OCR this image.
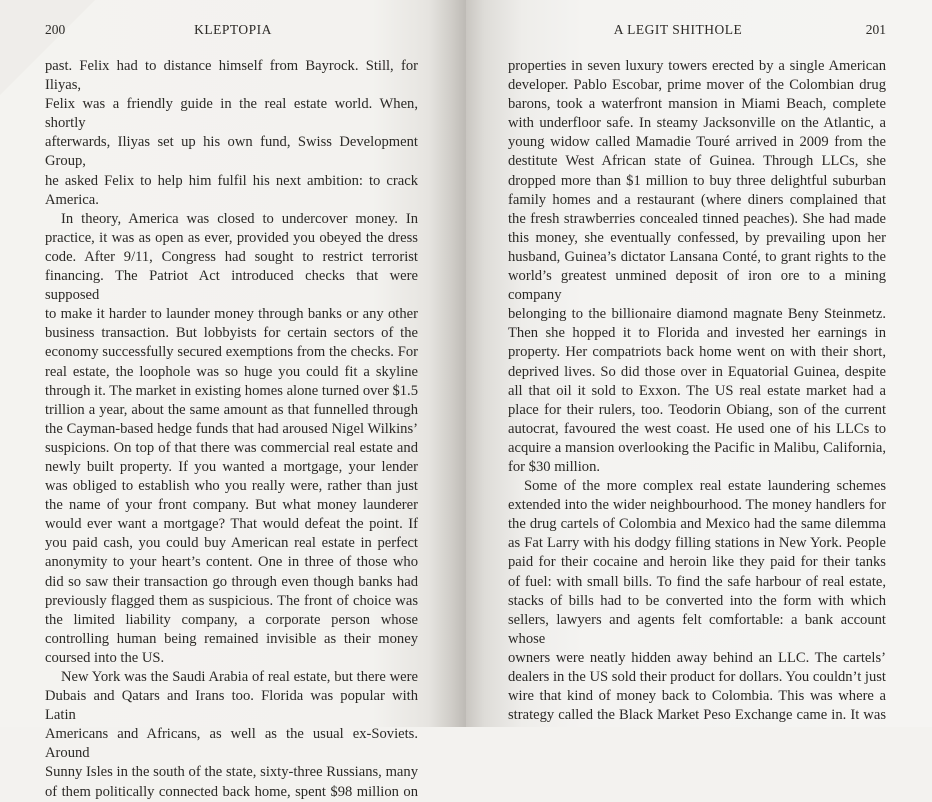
200	KLEPTOPIA

past. Felix had to distance himself from Bayrock. Still, for Iliyas,

Felix was a friendly guide in the real estate world. When, shortly

afterwards, Iliyas set up his own fund, Swiss Development Group,

he asked Felix to help him fulfil his next ambition: to crack

America.

In theory, America was closed to undercover money. In

practice, it was as open as ever, provided you obeyed the dress

code. After 9/11, Congress had sought to restrict terrorist

financing. The Patriot Act introduced checks that were supposed

to make it harder to launder money through banks or any other

business transaction. But lobbyists for certain sectors of the

economy successfully secured exemptions from the checks. For

real estate, the loophole was so huge you could fit a skyline

through it. The market in existing homes alone turned over $1.5

trillion a year, about the same amount as that funnelled through

the Cayman-based hedge funds that had aroused Nigel Wilkins’

suspicions. On top of that there was commercial real estate and

newly built property. If you wanted a mortgage, your lender

was obliged to establish who you really were, rather than just

the name of your front company. But what money launderer

would ever want a mortgage? That would defeat the point. If

you paid cash, you could buy American real estate in perfect

anonymity to your heart’s content. One in three of those who

did so saw their transaction go through even though banks had

previously flagged them as suspicious. The front of choice was

the limited liability company, a corporate person whose

controlling human being remained invisible as their money

coursed into the US.

New York was the Saudi Arabia of real estate, but there were

Dubais and Qatars and Irans too. Florida was popular with Latin

Americans and Africans, as well as the usual ex-Soviets. Around

Sunny Isles in the south of the state, sixty-three Russians, many

of them politically connected back home, spent $98 million on

A LEGIT SHITHOLE	201

properties in seven luxury towers erected by a single American

developer. Pablo Escobar, prime mover of the Colombian drug

barons, took a waterfront mansion in Miami Beach, complete

with underfloor safe. In steamy Jacksonville on the Atlantic, a

young widow called Mamadie Touré arrived in 2009 from the

destitute West African state of Guinea. Through LLCs, she

dropped more than $1 million to buy three delightful suburban

family homes and a restaurant (where diners complained that

the fresh strawberries concealed tinned peaches). She had made

this money, she eventually confessed, by prevailing upon her

husband, Guinea’s dictator Lansana Conté, to grant rights to the

world’s greatest unmined deposit of iron ore to a mining company

belonging to the billionaire diamond magnate Beny Steinmetz.

Then she hopped it to Florida and invested her earnings in

property. Her compatriots back home went on with their short,

deprived lives. So did those over in Equatorial Guinea, despite

all that oil it sold to Exxon. The US real estate market had a

place for their rulers, too. Teodorin Obiang, son of the current

autocrat, favoured the west coast. He used one of his LLCs to

acquire a mansion overlooking the Pacific in Malibu, California,

for $30 million.

Some of the more complex real estate laundering schemes

extended into the wider neighbourhood. The money handlers for

the drug cartels of Colombia and Mexico had the same dilemma

as Fat Larry with his dodgy filling stations in New York. People

paid for their cocaine and heroin like they paid for their tanks

of fuel: with small bills. To find the safe harbour of real estate,

stacks of bills had to be converted into the form with which

sellers, lawyers and agents felt comfortable: a bank account whose

owners were neatly hidden away behind an LLC. The cartels’

dealers in the US sold their product for dollars. You couldn’t just

wire that kind of money back to Colombia. This was where a

strategy called the Black Market Peso Exchange came in. It was
